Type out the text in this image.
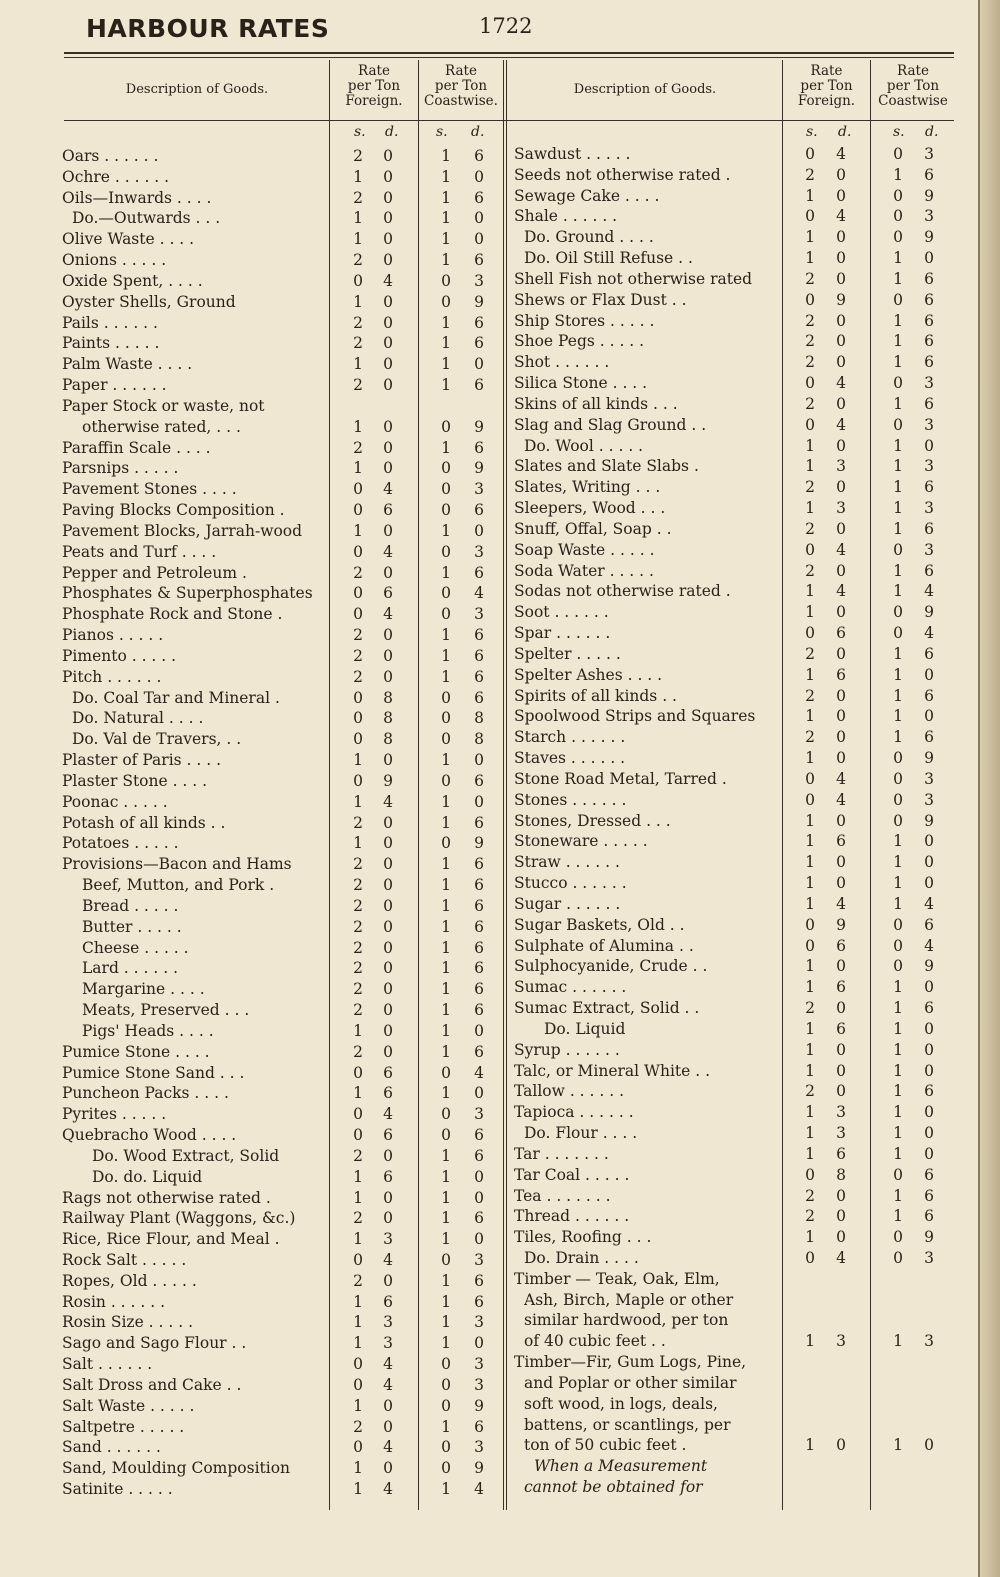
HARBOUR RATES	1722
Description of Goods.
Rate
per Ton
Foreign.
Rate
per Ton
Coastwise.
Description of Goods.
Rate
per Ton
Foreign.
Rate
per Ton
Coastwise
s. d.	s. d.	s. d.	s. d.
Oars . . . . . .	2 0	1 6
Ochre . . . . . .	1 0	1 0
Oils—Inwards . . . .	2 0	1 6
Do.—Outwards . . .	1 0	1 0
Olive Waste . . . .	1 0	1 0
Onions . . . . .	2 0	1 6
Oxide Spent, . . . .	0 4	0 3
Oyster Shells, Ground	1 0	0 9
Pails . . . . . .	2 0	1 6
Paints . . . . .	2 0	1 6
Palm Waste . . . .	1 0	1 0
Paper . . . . . .	2 0	1 6
Paper Stock or waste, not
otherwise rated, . . .	1 0	0 9
Paraffin Scale . . . .	2 0	1 6
Parsnips . . . . .	1 0	0 9
Pavement Stones . . . .	0 4	0 3
Paving Blocks Composition .	0 6	0 6
Pavement Blocks, Jarrah-wood	1 0	1 0
Peats and Turf . . . .	0 4	0 3
Pepper and Petroleum .	2 0	1 6
Phosphates & Superphosphates	0 6	0 4
Phosphate Rock and Stone .	0 4	0 3
Pianos . . . . .	2 0	1 6
Pimento . . . . .	2 0	1 6
Pitch . . . . . .	2 0	1 6
Do. Coal Tar and Mineral .	0 8	0 6
Do. Natural . . . .	0 8	0 8
Do. Val de Travers, . .	0 8	0 8
Plaster of Paris . . . .	1 0	1 0
Plaster Stone . . . .	0 9	0 6
Poonac . . . . .	1 4	1 0
Potash of all kinds . .	2 0	1 6
Potatoes . . . . .	1 0	0 9
Provisions—Bacon and Hams	2 0	1 6
Beef, Mutton, and Pork .	2 0	1 6
Bread . . . . .	2 0	1 6
Butter . . . . .	2 0	1 6
Cheese . . . . .	2 0	1 6
Lard . . . . . .	2 0	1 6
Margarine . . . .	2 0	1 6
Meats, Preserved . . .	2 0	1 6
Pigs' Heads . . . .	1 0	1 0
Pumice Stone . . . .	2 0	1 6
Pumice Stone Sand . . .	0 6	0 4
Puncheon Packs . . . .	1 6	1 0
Pyrites . . . . .	0 4	0 3
Quebracho Wood . . . .	0 6	0 6
Do. Wood Extract, Solid	2 0	1 6
Do. do. Liquid	1 6	1 0
Rags not otherwise rated .	1 0	1 0
Railway Plant (Waggons, &c.)	2 0	1 6
Rice, Rice Flour, and Meal .	1 3	1 0
Rock Salt . . . . .	0 4	0 3
Ropes, Old . . . . .	2 0	1 6
Rosin . . . . . .	1 6	1 6
Rosin Size . . . . .	1 3	1 3
Sago and Sago Flour . .	1 3	1 0
Salt . . . . . .	0 4	0 3
Salt Dross and Cake . .	0 4	0 3
Salt Waste . . . . .	1 0	0 9
Saltpetre . . . . .	2 0	1 6
Sand . . . . . .	0 4	0 3
Sand, Moulding Composition	1 0	0 9
Satinite . . . . .	1 4	1 4
Sawdust . . . . .	0 4	0 3
Seeds not otherwise rated .	2 0	1 6
Sewage Cake . . . .	1 0	0 9
Shale . . . . . .	0 4	0 3
Do. Ground . . . .	1 0	0 9
Do. Oil Still Refuse . .	1 0	1 0
Shell Fish not otherwise rated	2 0	1 6
Shews or Flax Dust . .	0 9	0 6
Ship Stores . . . . .	2 0	1 6
Shoe Pegs . . . . .	2 0	1 6
Shot . . . . . .	2 0	1 6
Silica Stone . . . .	0 4	0 3
Skins of all kinds . . .	2 0	1 6
Slag and Slag Ground . .	0 4	0 3
Do. Wool . . . . .	1 0	1 0
Slates and Slate Slabs .	1 3	1 3
Slates, Writing . . .	2 0	1 6
Sleepers, Wood . . .	1 3	1 3
Snuff, Offal, Soap . .	2 0	1 6
Soap Waste . . . . .	0 4	0 3
Soda Water . . . . .	2 0	1 6
Sodas not otherwise rated .	1 4	1 4
Soot . . . . . .	1 0	0 9
Spar . . . . . .	0 6	0 4
Spelter . . . . .	2 0	1 6
Spelter Ashes . . . .	1 6	1 0
Spirits of all kinds . .	2 0	1 6
Spoolwood Strips and Squares	1 0	1 0
Starch . . . . . .	2 0	1 6
Staves . . . . . .	1 0	0 9
Stone Road Metal, Tarred .	0 4	0 3
Stones . . . . . .	0 4	0 3
Stones, Dressed . . .	1 0	0 9
Stoneware . . . . .	1 6	1 0
Straw . . . . . .	1 0	1 0
Stucco . . . . . .	1 0	1 0
Sugar . . . . . .	1 4	1 4
Sugar Baskets, Old . .	0 9	0 6
Sulphate of Alumina . .	0 6	0 4
Sulphocyanide, Crude . .	1 0	0 9
Sumac . . . . . .	1 6	1 0
Sumac Extract, Solid . .	2 0	1 6
Do. Liquid	1 6	1 0
Syrup . . . . . .	1 0	1 0
Talc, or Mineral White . .	1 0	1 0
Tallow . . . . . .	2 0	1 6
Tapioca . . . . . .	1 3	1 0
Do. Flour . . . .	1 3	1 0
Tar . . . . . . .	1 6	1 0
Tar Coal . . . . .	0 8	0 6
Tea . . . . . . .	2 0	1 6
Thread . . . . . .	2 0	1 6
Tiles, Roofing . . .	1 0	0 9
Do. Drain . . . .	0 4	0 3
Timber — Teak, Oak, Elm,
Ash, Birch, Maple or other
similar hardwood, per ton
of 40 cubic feet . .	1 3	1 3
Timber—Fir, Gum Logs, Pine,
and Poplar or other similar
soft wood, in logs, deals,
battens, or scantlings, per
ton of 50 cubic feet .	1 0	1 0
When a Measurement
cannot be obtained for
